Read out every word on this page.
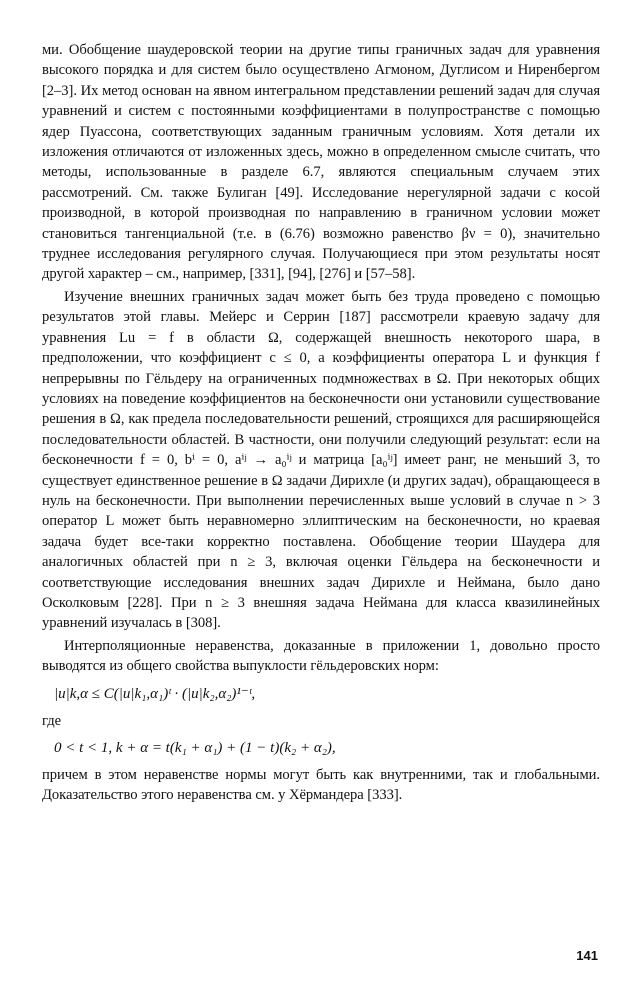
ми. Обобщение шаудеровской теории на другие типы граничных задач для уравнения высокого порядка и для систем было осуществлено Агмоном, Дуглисом и Ниренбергом [2–3]. Их метод основан на явном интегральном представлении решений задач для случая уравнений и систем с постоянными коэффициентами в полупространстве с помощью ядер Пуассона, соответствующих заданным граничным условиям. Хотя детали их изложения отличаются от изложенных здесь, можно в определенном смысле считать, что методы, использованные в разделе 6.7, являются специальным случаем этих рассмотрений. См. также Булиган [49]. Исследование нерегулярной задачи с косой производной, в которой производная по направлению в граничном условии может становиться тангенциальной (т.е. в (6.76) возможно равенство βν = 0), значительно труднее исследования регулярного случая. Получающиеся при этом результаты носят другой характер – см., например, [331], [94], [276] и [57–58].

Изучение внешних граничных задач может быть без труда проведено с помощью результатов этой главы. Мейерс и Серрин [187] рассмотрели краевую задачу для уравнения Lu = f в области Ω, содержащей внешность некоторого шара, в предположении, что коэффициент c ≤ 0, а коэффициенты оператора L и функция f непрерывны по Гёльдеру на ограниченных подмножествах в Ω. При некоторых общих условиях на поведение коэффициентов на бесконечности они установили существование решения в Ω, как предела последовательности решений, строящихся для расширяющейся последовательности областей. В частности, они получили следующий результат: если на бесконечности f = 0, bⁱ = 0, aⁱʲ → a₀ⁱʲ и матрица [a₀ⁱʲ] имеет ранг, не меньший 3, то существует единственное решение в Ω задачи Дирихле (и других задач), обращающееся в нуль на бесконечности. При выполнении перечисленных выше условий в случае n > 3 оператор L может быть неравномерно эллиптическим на бесконечности, но краевая задача будет все-таки корректно поставлена. Обобщение теории Шаудера для аналогичных областей при n ≥ 3, включая оценки Гёльдера на бесконечности и соответствующие исследования внешних задач Дирихле и Неймана, было дано Осколковым [228]. При n ≥ 3 внешняя задача Неймана для класса квазилинейных уравнений изучалась в [308].

Интерполяционные неравенства, доказанные в приложении 1, довольно просто выводятся из общего свойства выпуклости гёльдеровских норм:

|u|k,α ≤ C(|u|k₁,α₁)ᵗ · (|u|k₂,α₂)¹⁻ᵗ,
где
0 < t < 1, k + α = t(k₁ + α₁) + (1 − t)(k₂ + α₂),

причем в этом неравенстве нормы могут быть как внутренними, так и глобальными. Доказательство этого неравенства см. у Хёрмандера [333].

141
